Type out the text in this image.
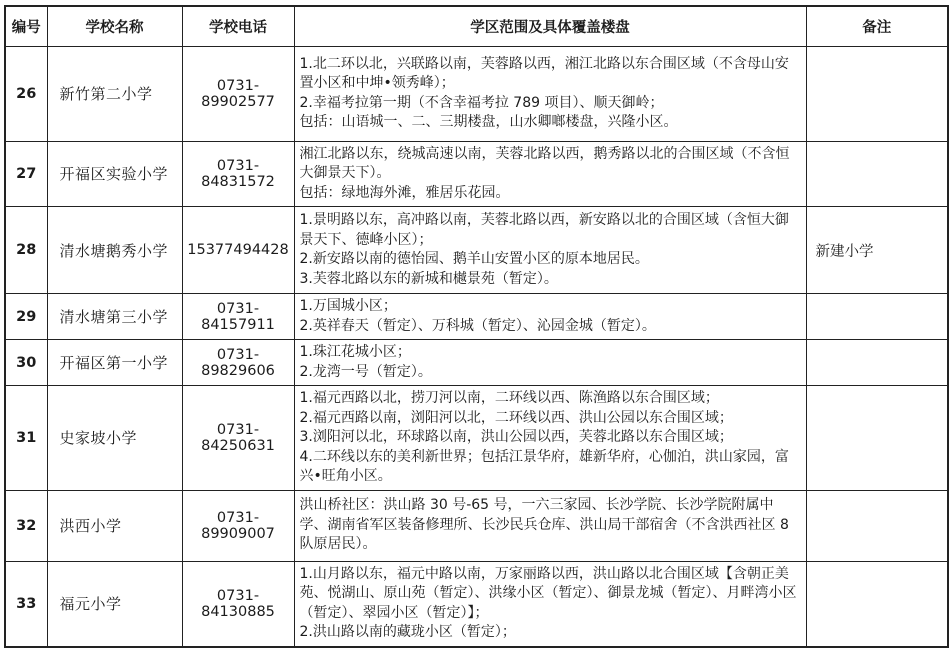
编号	学校名称	学校电话	学区范围及具体覆盖楼盘	备注
26	新竹第二小学	0731-89902577	1.北二环以北，兴联路以南，芙蓉路以西，湘江北路以东合围区域（不含母山安置小区和中坤•领秀峰）；
2.幸福考拉第一期（不含幸福考拉 789 项目）、顺天御岭；
包括：山语城一、二、三期楼盘，山水卿啷楼盘，兴隆小区。	

27	开福区实验小学	0731-84831572	湘江北路以东，绕城高速以南，芙蓉北路以西，鹅秀路以北的合围区域（不含恒大御景天下）。
包括：绿地海外滩，雅居乐花园。	

28	清水塘鹅秀小学	15377494428	1.景明路以东，高冲路以南，芙蓉北路以西，新安路以北的合围区域（含恒大御景天下、德峰小区）；
2.新安路以南的德怡园、鹅羊山安置小区的原本地居民。
3.芙蓉北路以东的新城和樾景苑（暂定）。	新建小学
29	清水塘第三小学	0731-84157911	1.万国城小区；
2.英祥春天（暂定）、万科城（暂定）、沁园金城（暂定）。	

30	开福区第一小学	0731-89829606	1.珠江花城小区；
2.龙湾一号（暂定）。	

31	史家坡小学	0731-84250631	1.福元西路以北，捞刀河以南，二环线以西、陈渔路以东合围区域；
2.福元西路以南，浏阳河以北，二环线以西、洪山公园以东合围区域；
3.浏阳河以北，环球路以南，洪山公园以西，芙蓉北路以东合围区域；
4.二环线以东的美利新世界；包括江景华府，雄新华府，心伽泊，洪山家园，富兴•旺角小区。	

32	洪西小学	0731-89909007	洪山桥社区：洪山路 30 号-65 号，一六三家园、长沙学院、长沙学院附属中学、湖南省军区装备修理所、长沙民兵仓库、洪山局干部宿舍（不含洪西社区 8 队原居民）。	

33	福元小学	0731-84130885	1.山月路以东，福元中路以南，万家丽路以西，洪山路以北合围区域【含朝正美苑、悦湖山、原山苑（暂定）、洪缘小区（暂定）、御景龙城（暂定）、月畔湾小区（暂定）、翠园小区（暂定）】；
2.洪山路以南的藏珑小区（暂定）；	
